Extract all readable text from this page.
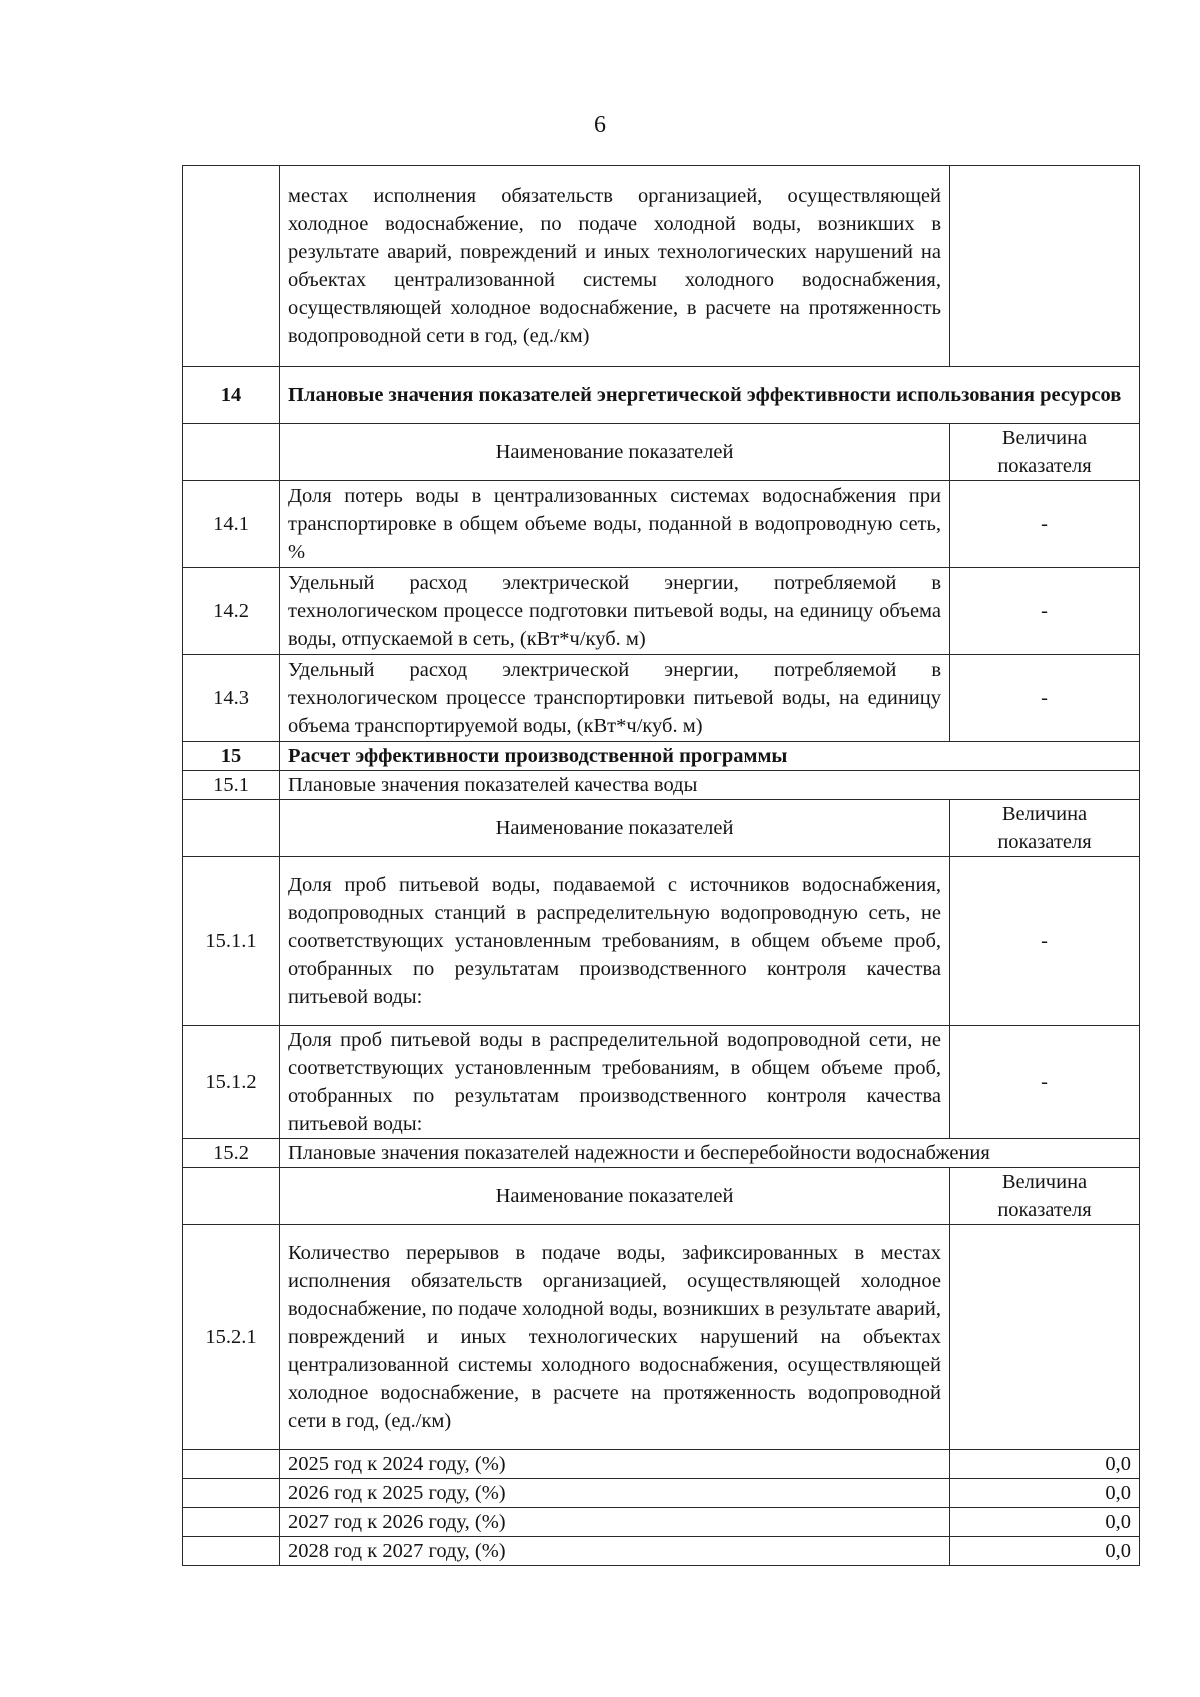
6
	местах исполнения обязательств организацией, осуществляющей холодное водоснабжение, по подаче холодной воды, возникших в результате аварий, повреждений и иных технологических нарушений на объектах централизованной системы холодного водоснабжения, осуществляющей холодное водоснабжение, в расчете на протяженность водопроводной сети в год, (ед./км)	
14	Плановые значения показателей энергетической эффективности использования ресурсов	
	Наименование показателей	Величина показателя
14.1	Доля потерь воды в централизованных системах водоснабжения при транспортировке в общем объеме воды, поданной в водопроводную сеть, %	-
14.2	Удельный расход электрической энергии, потребляемой в технологическом процессе подготовки питьевой воды, на единицу объема воды, отпускаемой в сеть, (кВт*ч/куб. м)	-
14.3	Удельный расход электрической энергии, потребляемой в технологическом процессе транспортировки питьевой воды, на единицу объема транспортируемой воды, (кВт*ч/куб. м)	-
15	Расчет эффективности производственной программы	
15.1	Плановые значения показателей качества воды	
	Наименование показателей	Величина показателя
15.1.1	Доля проб питьевой воды, подаваемой с источников водоснабжения, водопроводных станций в распределительную водопроводную сеть, не соответствующих установленным требованиям, в общем объеме проб, отобранных по результатам производственного контроля качества питьевой воды:	-
15.1.2	Доля проб питьевой воды в распределительной водопроводной сети, не соответствующих установленным требованиям, в общем объеме проб, отобранных по результатам производственного контроля качества питьевой воды:	-
15.2	Плановые значения показателей надежности и бесперебойности водоснабжения	
	Наименование показателей	Величина показателя
15.2.1	Количество перерывов в подаче воды, зафиксированных в местах исполнения обязательств организацией, осуществляющей холодное водоснабжение, по подаче холодной воды, возникших в результате аварий, повреждений и иных технологических нарушений на объектах централизованной системы холодного водоснабжения, осуществляющей холодное водоснабжение, в расчете на протяженность водопроводной сети в год, (ед./км)	
	2025 год к 2024 году, (%)	0,0
	2026 год к 2025 году, (%)	0,0
	2027 год к 2026 году, (%)	0,0
	2028 год к 2027 году, (%)	0,0
